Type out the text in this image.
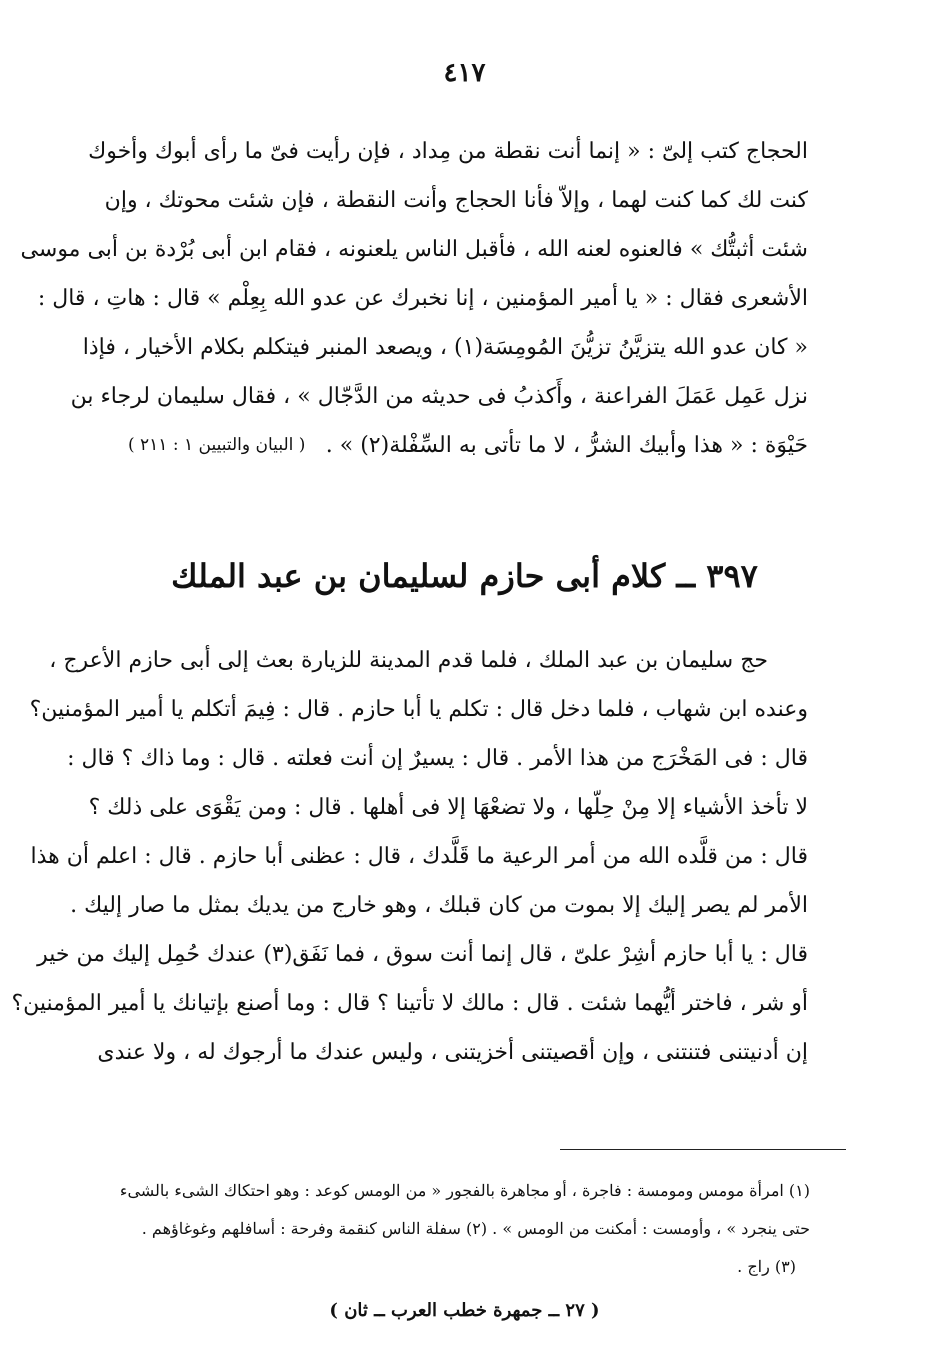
٤١٧
الحجاج كتب إلىّ : « إنما أنت نقطة من مِداد ، فإن رأيت فىّ ما رأى أبوك وأخوك
كنت لك كما كنت لهما ، وإلاّ فأنا الحجاج وأنت النقطة ، فإن شئت محوتك ، وإن
شئت أثبتُّك » فالعنوه لعنه الله ، فأقبل الناس يلعنونه ، فقام ابن أبى بُرْدة بن أبى موسى
الأشعرى فقال : « يا أمير المؤمنين ، إنا نخبرك عن عدو الله بِعِلْم » قال : هاتِ ، قال :
« كان عدو الله يتزيَّنُ تزيُّنَ المُومِسَة(١) ، ويصعد المنبر فيتكلم بكلام الأخيار ، فإذا
نزل عَمِل عَمَلَ الفراعنة ، وأَكذبُ فى حديثه من الدَّجّال » ، فقال سليمان لرجاء بن
حَيْوَة : « هذا وأبيك الشرُّ ، لا ما تأتى به السِّفْلة(٢) » .
( البيان والتبيين ١ : ٢١١ )
٣٩٧ ــ كلام أبى حازم لسليمان بن عبد الملك
حج سليمان بن عبد الملك ، فلما قدم المدينة للزيارة بعث إلى أبى حازم الأعرج ،
وعنده ابن شهاب ، فلما دخل قال : تكلم يا أبا حازم . قال : فِيمَ أتكلم يا أمير المؤمنين؟
قال : فى المَخْرَج من هذا الأمر . قال : يسيرٌ إن أنت فعلته . قال : وما ذاك ؟ قال :
لا تأخذ الأشياء إلا مِنْ حِلّها ، ولا تضعْهَا إلا فى أهلها . قال : ومن يَقْوَى على ذلك ؟
قال : من قلَّده الله من أمر الرعية ما قَلَّدك ، قال : عظنى أبا حازم . قال : اعلم أن هذا
الأمر لم يصر إليك إلا بموت من كان قبلك ، وهو خارج من يديك بمثل ما صار إليك .
قال : يا أبا حازم أشِرْ علىّ ، قال إنما أنت سوق ، فما نَفَق(٣) عندك حُمِل إليك من خير
أو شر ، فاختر أيُّهما شئت . قال : مالك لا تأتينا ؟ قال : وما أصنع بإتيانك يا أمير المؤمنين؟
إن أدنيتنى فتنتنى ، وإن أقصيتنى أخزيتنى ، وليس عندك ما أرجوك له ، ولا عندى
(١) امرأة مومس ومومسة : فاجرة ، أو مجاهرة بالفجور « من الومس كوعد : وهو احتكاك الشىء بالشىء
حتى ينجرد » ، وأومست : أمكنت من الومس » . (٢) سفلة الناس كنقمة وفرحة : أسافلهم وغوغاؤهم .
(٣) راج .
( ٢٧ ــ جمهرة خطب العرب ــ ثان )
